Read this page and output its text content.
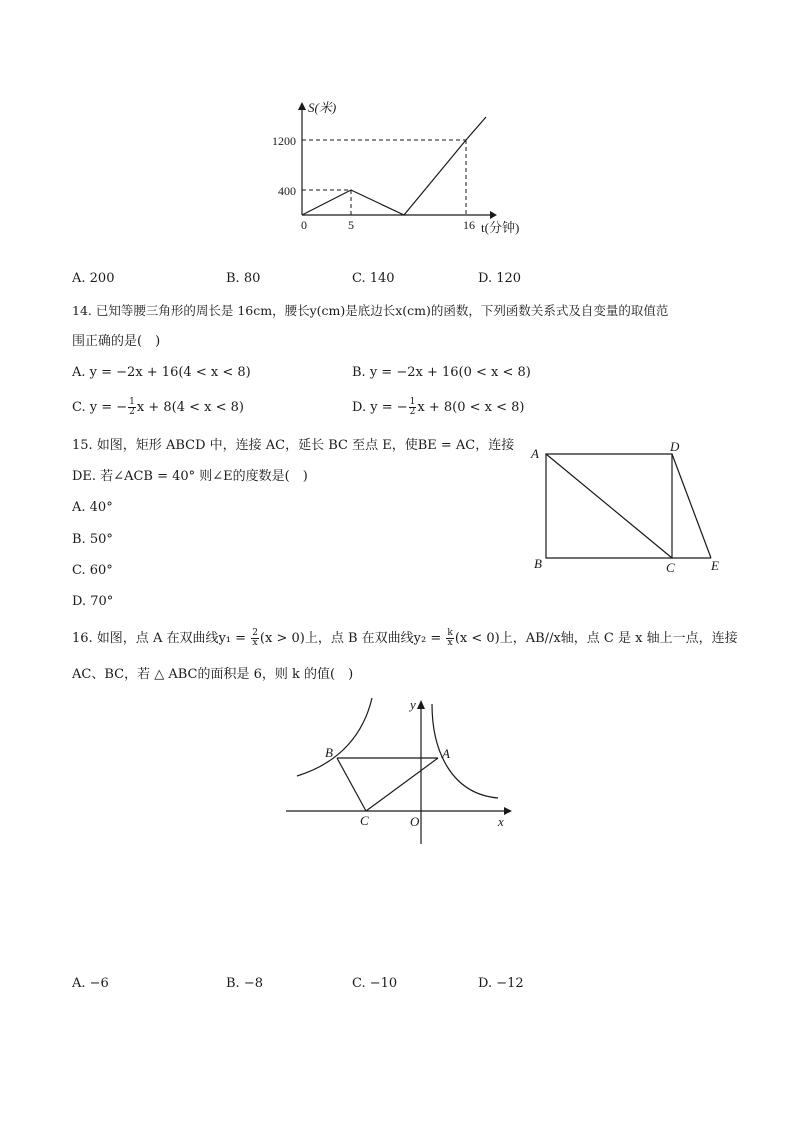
S(米)
1200
400
0	5	16 t(分钟)
A. 200	B. 80	C. 140	D. 120
14. 已知等腰三角形的周长是 16cm，腰长y(cm)是底边长x(cm)的函数，下列函数关系式及自变量的取值范
围正确的是(　)
A. y = −2x + 16(4 < x < 8)	B. y = −2x + 16(0 < x < 8)
C. y = − $\frac{1}{2}$ x + 8(4 < x < 8)	D. y = − $\frac{1}{2}$ x + 8(0 < x < 8)
15. 如图，矩形 ABCD 中，连接 AC，延长 BC 至点 E，使BE = AC，连接
DE. 若∠ACB = 40° 则∠E的度数是(　)
A. 40°
B. 50°
C. 60°
D. 70°
A	D
B	C	E
16. 如图，点 A 在双曲线$y_1 = \frac{2}{x} (x > 0)$上，点 B 在双曲线$y_2 = \frac{k}{x} (x < 0)$上，AB//x轴，点 C 是 x 轴上一点，连接
AC、BC，若 △ ABC的面积是 6，则 k 的值(　)
y
x
O
A
B
C
A. −6	B. −8	C. −10	D. −12
